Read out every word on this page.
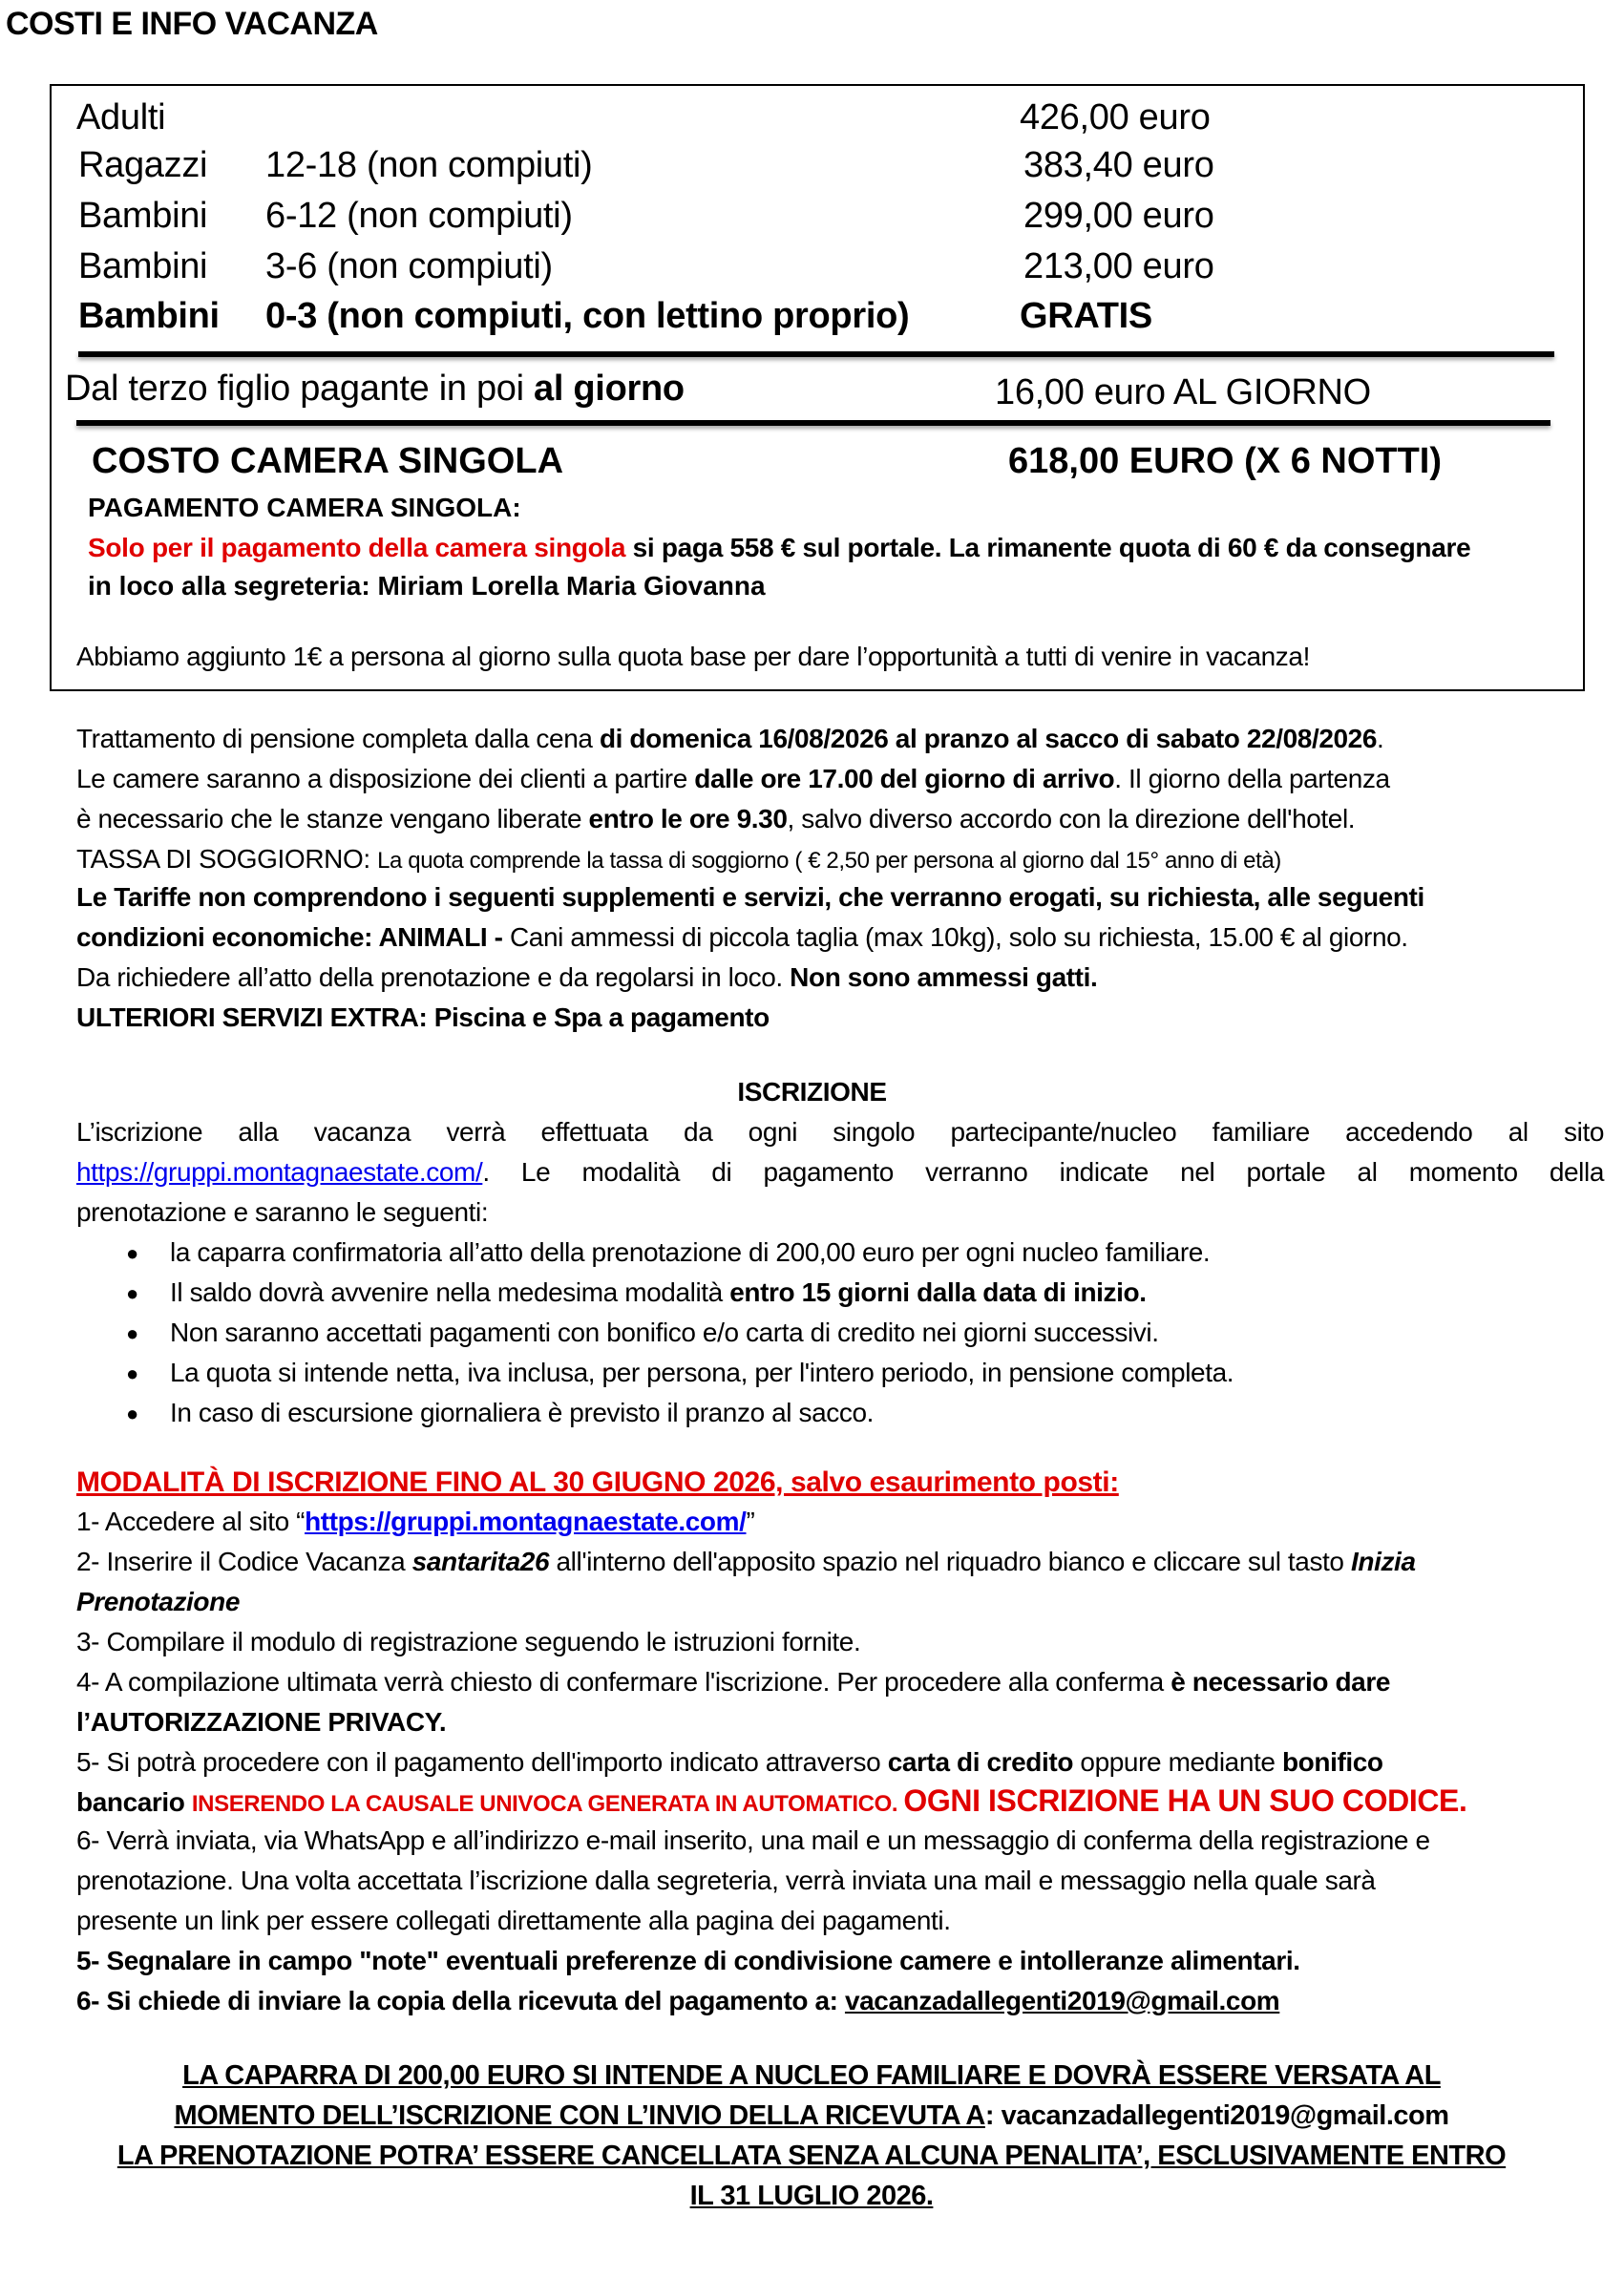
COSTI E INFO VACANZA
Adulti	426,00 euro
Ragazzi 12-18 (non compiuti)	383,40 euro
Bambini 6-12 (non compiuti)	299,00 euro
Bambini 3-6 (non compiuti)	213,00 euro
Bambini 0-3 (non compiuti, con lettino proprio)	GRATIS
Dal terzo figlio pagante in poi al giorno	16,00 euro AL GIORNO
COSTO CAMERA SINGOLA	618,00 EURO (X 6 NOTTI)
PAGAMENTO CAMERA SINGOLA:
Solo per il pagamento della camera singola si paga 558 € sul portale. La rimanente quota di 60 € da consegnare
in loco alla segreteria: Miriam Lorella Maria Giovanna
Abbiamo aggiunto 1€ a persona al giorno sulla quota base per dare l’opportunità a tutti di venire in vacanza!
Trattamento di pensione completa dalla cena di domenica 16/08/2026 al pranzo al sacco di sabato 22/08/2026.
Le camere saranno a disposizione dei clienti a partire dalle ore 17.00 del giorno di arrivo. Il giorno della partenza
è necessario che le stanze vengano liberate entro le ore 9.30, salvo diverso accordo con la direzione dell'hotel.
TASSA DI SOGGIORNO: La quota comprende la tassa di soggiorno ( € 2,50 per persona al giorno dal 15° anno di età)
Le Tariffe non comprendono i seguenti supplementi e servizi, che verranno erogati, su richiesta, alle seguenti
condizioni economiche: ANIMALI - Cani ammessi di piccola taglia (max 10kg), solo su richiesta, 15.00 € al giorno.
Da richiedere all’atto della prenotazione e da regolarsi in loco. Non sono ammessi gatti.
ULTERIORI SERVIZI EXTRA: Piscina e Spa a pagamento
ISCRIZIONE
L’iscrizione alla vacanza verrà effettuata da ogni singolo partecipante/nucleo familiare accedendo al sito
https://gruppi.montagnaestate.com/. Le modalità di pagamento verranno indicate nel portale al momento della
prenotazione e saranno le seguenti:
● la caparra confirmatoria all’atto della prenotazione di 200,00 euro per ogni nucleo familiare.
● Il saldo dovrà avvenire nella medesima modalità entro 15 giorni dalla data di inizio.
● Non saranno accettati pagamenti con bonifico e/o carta di credito nei giorni successivi.
● La quota si intende netta, iva inclusa, per persona, per l'intero periodo, in pensione completa.
● In caso di escursione giornaliera è previsto il pranzo al sacco.
MODALITÀ DI ISCRIZIONE FINO AL 30 GIUGNO 2026, salvo esaurimento posti:
1- Accedere al sito “https://gruppi.montagnaestate.com/”
2- Inserire il Codice Vacanza santarita26 all'interno dell'apposito spazio nel riquadro bianco e cliccare sul tasto Inizia
Prenotazione
3- Compilare il modulo di registrazione seguendo le istruzioni fornite.
4- A compilazione ultimata verrà chiesto di confermare l'iscrizione. Per procedere alla conferma è necessario dare
l’AUTORIZZAZIONE PRIVACY.
5- Si potrà procedere con il pagamento dell'importo indicato attraverso carta di credito oppure mediante bonifico
bancario INSERENDO LA CAUSALE UNIVOCA GENERATA IN AUTOMATICO. OGNI ISCRIZIONE HA UN SUO CODICE.
6- Verrà inviata, via WhatsApp e all’indirizzo e-mail inserito, una mail e un messaggio di conferma della registrazione e
prenotazione. Una volta accettata l’iscrizione dalla segreteria, verrà inviata una mail e messaggio nella quale sarà
presente un link per essere collegati direttamente alla pagina dei pagamenti.
5- Segnalare in campo "note" eventuali preferenze di condivisione camere e intolleranze alimentari.
6- Si chiede di inviare la copia della ricevuta del pagamento a: vacanzadallegenti2019@gmail.com
LA CAPARRA DI 200,00 EURO SI INTENDE A NUCLEO FAMILIARE E DOVRÀ ESSERE VERSATA AL
MOMENTO DELL’ISCRIZIONE CON L’INVIO DELLA RICEVUTA A: vacanzadallegenti2019@gmail.com
LA PRENOTAZIONE POTRA’ ESSERE CANCELLATA SENZA ALCUNA PENALITA’, ESCLUSIVAMENTE ENTRO
IL 31 LUGLIO 2026.
